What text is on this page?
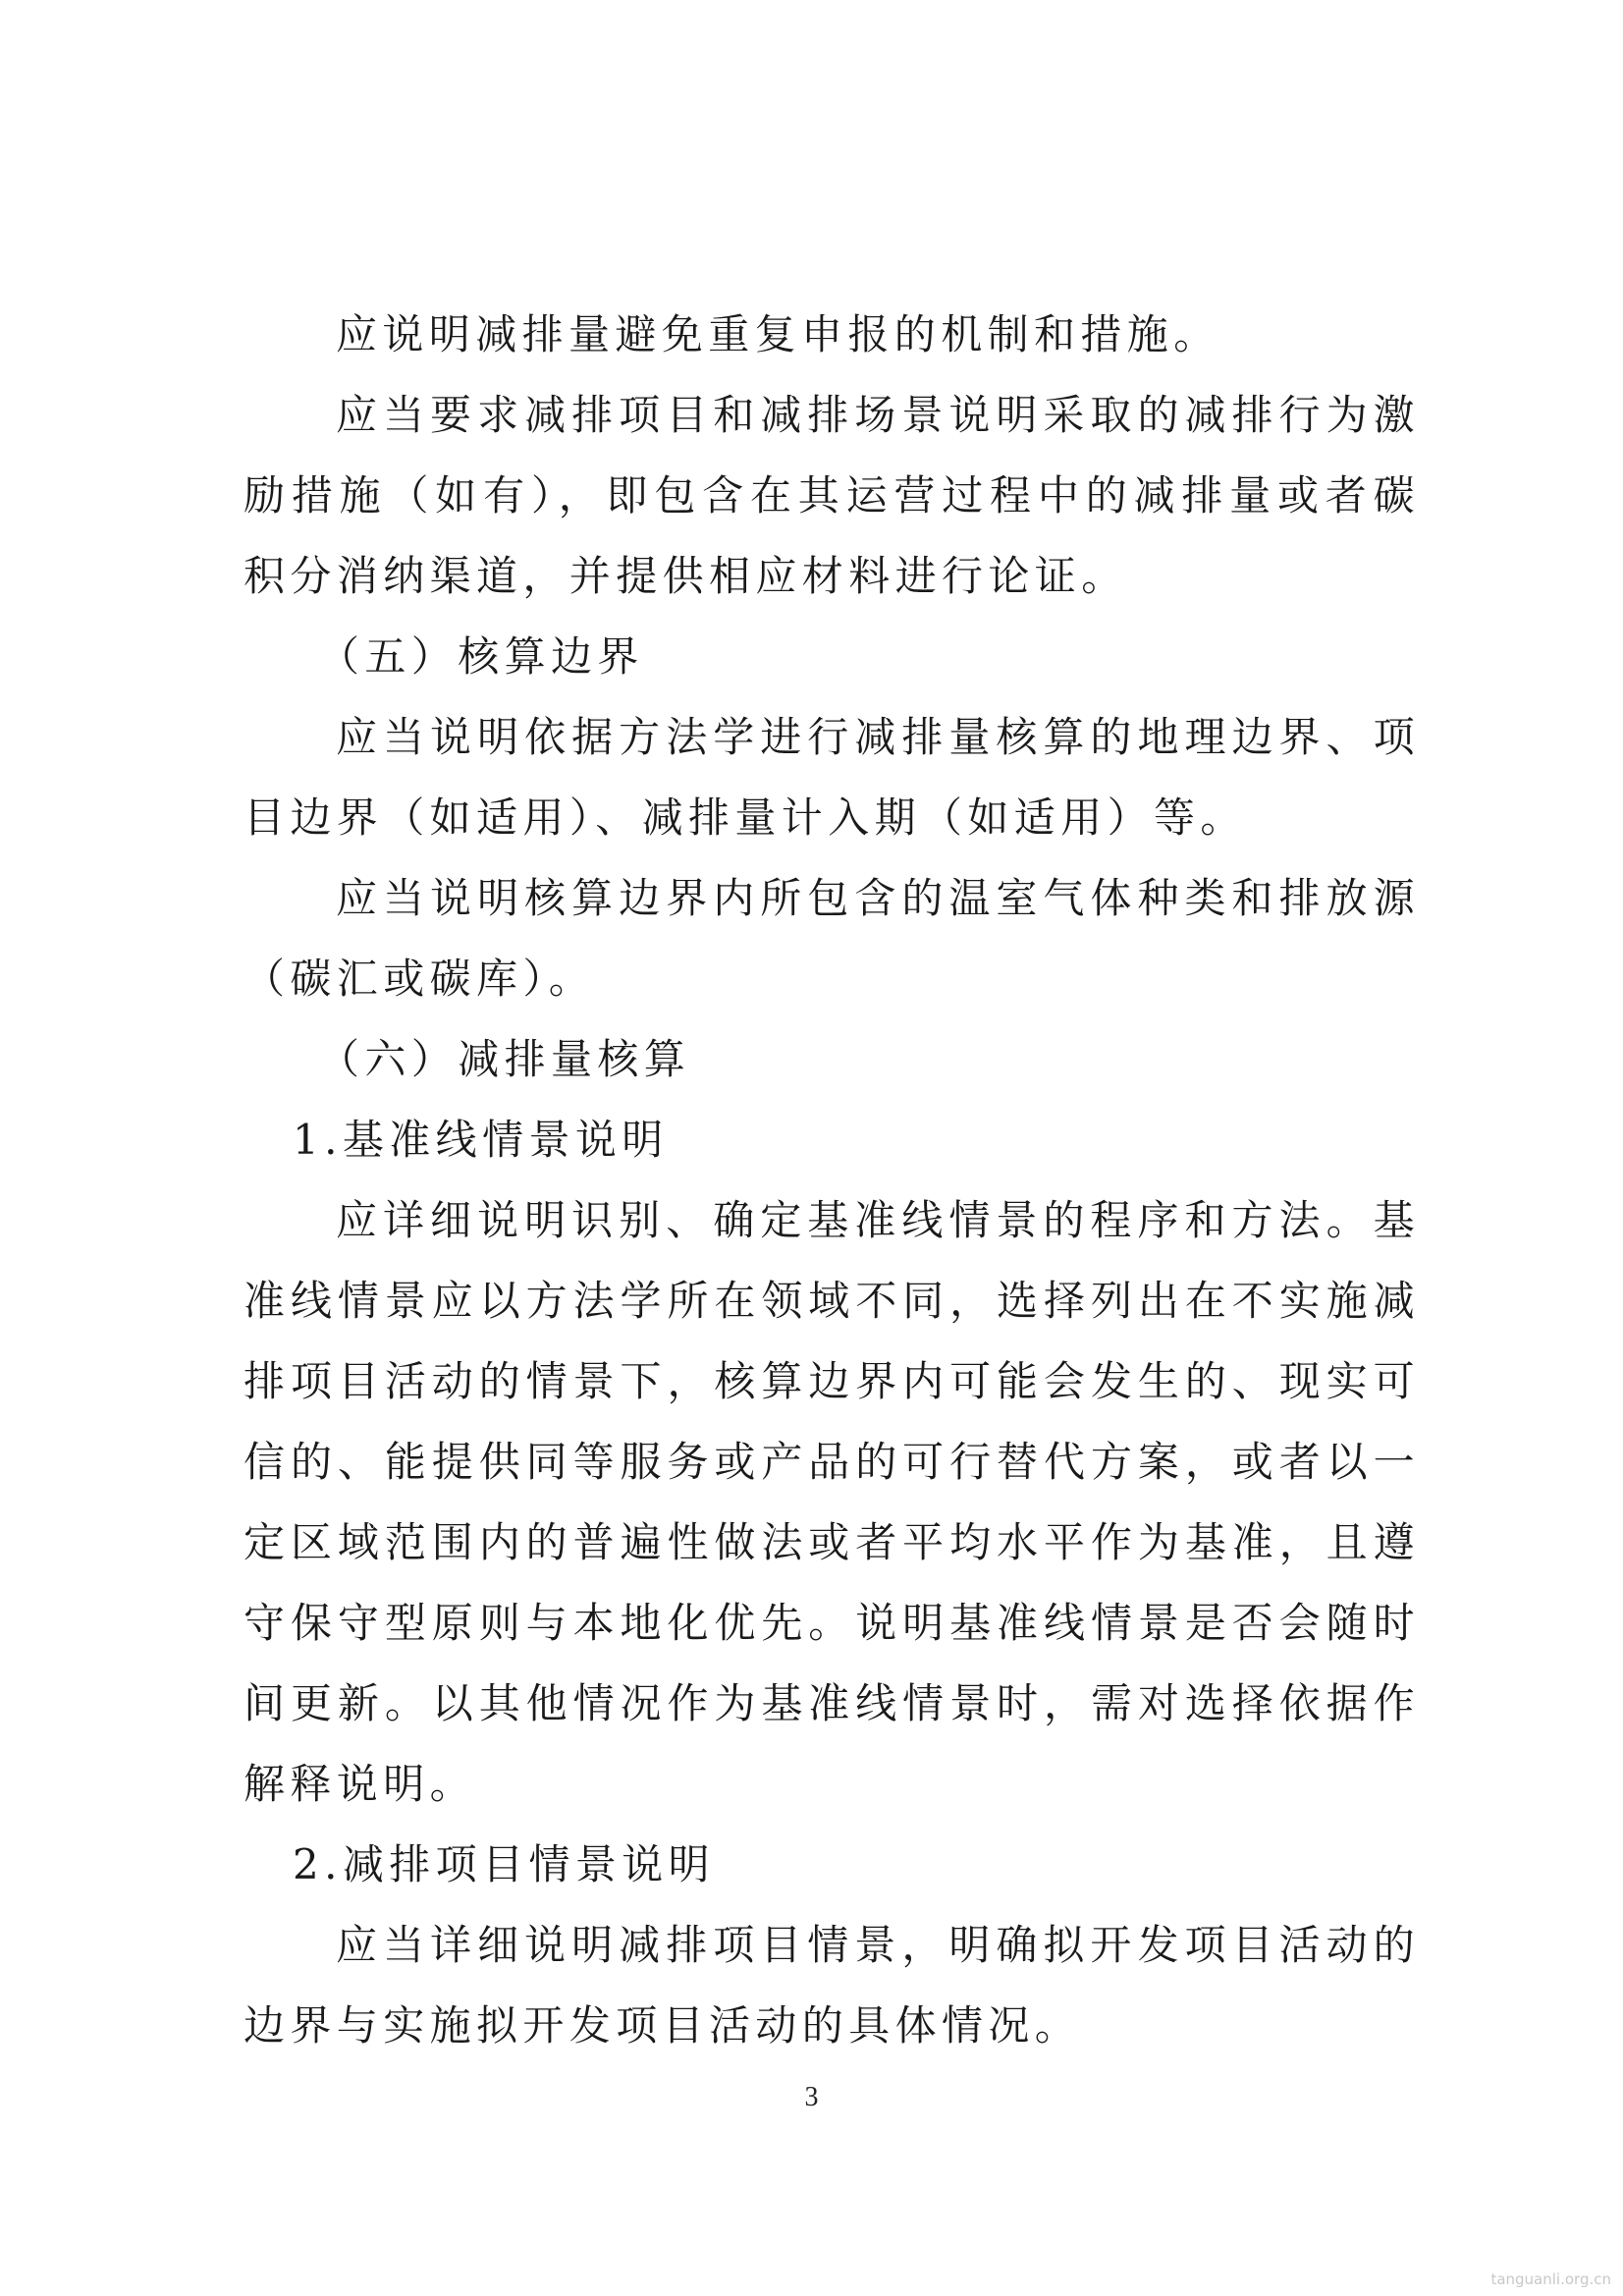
应说明减排量避免重复申报的机制和措施。

应当要求减排项目和减排场景说明采取的减排行为激励措施（如有），即包含在其运营过程中的减排量或者碳积分消纳渠道，并提供相应材料进行论证。

（五）核算边界

应当说明依据方法学进行减排量核算的地理边界、项目边界（如适用）、减排量计入期（如适用）等。

应当说明核算边界内所包含的温室气体种类和排放源（碳汇或碳库）。

（六）减排量核算

1.基准线情景说明

应详细说明识别、确定基准线情景的程序和方法。基准线情景应以方法学所在领域不同，选择列出在不实施减排项目活动的情景下，核算边界内可能会发生的、现实可信的、能提供同等服务或产品的可行替代方案，或者以一定区域范围内的普遍性做法或者平均水平作为基准，且遵守保守型原则与本地化优先。说明基准线情景是否会随时间更新。以其他情况作为基准线情景时，需对选择依据作解释说明。

2.减排项目情景说明

应当详细说明减排项目情景，明确拟开发项目活动的边界与实施拟开发项目活动的具体情况。

3
tanguanli.org.cn
